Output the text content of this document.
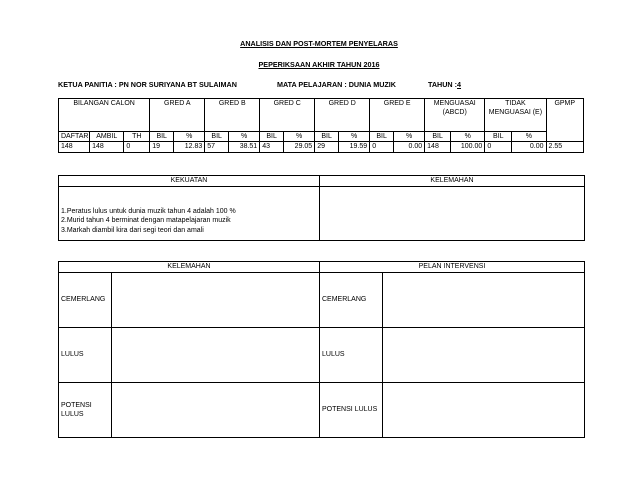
ANALISIS DAN POST-MORTEM PENYELARAS
PEPERIKSAAN AKHIR TAHUN 2016
KETUA PANITIA : PN NOR SURIYANA BT SULAIMAN	MATA PELAJARAN : DUNIA MUZIK	TAHUN :4
BILANGAN CALON			GRED A		GRED B		GRED C		GRED D		GRED E		MENGUASAI (ABCD)		TIDAK MENGUASAI (E)		GPMP
DAFTAR	AMBIL	TH	BIL	%	BIL	%	BIL	%	BIL	%	BIL	%	BIL	%	BIL	%	
148	148	0	19	12.83	57	38.51	43	29.05	29	19.59	0	0.00	148	100.00	0	0.00	2.55
KEKUATAN	KELEMAHAN

1.Peratus lulus untuk dunia muzik tahun 4 adalah 100 %
2.Murid tahun 4 berminat dengan matapelajaran muzik
3.Markah diambil kira dari segi teori dan amali	

KELEMAHAN		PELAN INTERVENSI	
CEMERLANG		CEMERLANG	
LULUS		LULUS	
POTENSI LULUS		POTENSI LULUS	
